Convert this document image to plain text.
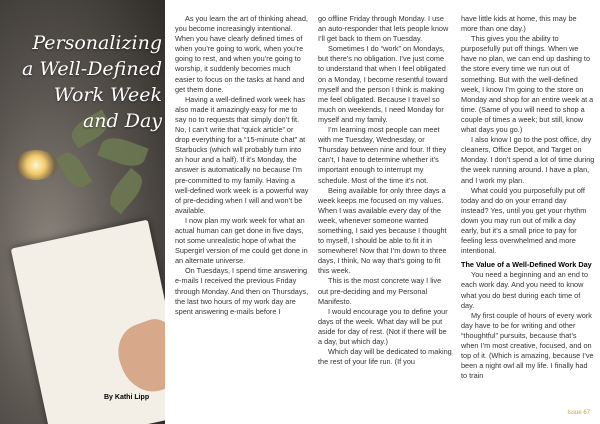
Personalizing
a Well-Defined
Work Week
and Day
By Kathi Lipp

As you learn the art of thinking ahead, you become increasingly intentional. When you have clearly defined times of when you’re going to work, when you’re going to rest, and when you’re going to worship, it suddenly becomes much easier to focus on the tasks at hand and get them done.

Having a well-defined work week has also made it amazingly easy for me to say no to requests that simply don’t fit. No, I can’t write that “quick article” or drop everything for a “15-minute chat” at Starbucks (which will probably turn into an hour and a half). If it’s Monday, the answer is automatically no because I’m pre-committed to my family. Having a well-defined work week is a powerful way of pre-deciding when I will and won’t be available.

I now plan my work week for what an actual human can get done in five days, not some unrealistic hope of what the Supergirl version of me could get done in an alternate universe.

On Tuesdays, I spend time answering e-mails I received the previous Friday through Monday. And then on Thursdays, the last two hours of my work day are spent answering e-mails before I

go offline Friday through Monday. I use an auto-responder that lets people know I’ll get back to them on Tuesday.

Sometimes I do “work” on Mondays, but there’s no obligation. I’ve just come to understand that when I feel obligated on a Monday, I become resentful toward myself and the person I think is making me feel obligated. Because I travel so much on weekends, I need Monday for myself and my family.

I’m learning most people can meet with me Tuesday, Wednesday, or Thursday between nine and four. If they can’t, I have to determine whether it’s important enough to interrupt my schedule. Most of the time it’s not.

Being available for only three days a week keeps me focused on my values. When I was available every day of the week, whenever someone wanted something, I said yes because I thought to myself, I should be able to fit it in somewhere! Now that I’m down to three days, I think, No way that’s going to fit this week.

This is the most concrete way I live out pre-deciding and my Personal Manifesto.

I would encourage you to define your days of the week. What day will be put aside for day of rest. (Not if there will be a day, but which day.)

Which day will be dedicated to making the rest of your life run. (If you

have little kids at home, this may be more than one day.)

This gives you the ability to purposefully put off things. When we have no plan, we can end up dashing to the store every time we run out of something. But with the well-defined week, I know I’m going to the store on Monday and shop for an entire week at a time. (Same of you will need to shop a couple of times a week; but still, know what days you go.)

I also know I go to the post office, dry cleaners, Office Depot, and Target on Monday. I don’t spend a lot of time during the week running around. I have a plan, and I work my plan.

What could you purposefully put off today and do on your errand day instead? Yes, until you get your rhythm down you may run out of milk a day early, but it’s a small price to pay for feeling less overwhelmed and more intentional.

The Value of a Well-Defined Work Day

You need a beginning and an end to each work day. And you need to know what you do best during each time of day.

My first couple of hours of every work day have to be for writing and other “thoughtful” pursuits, because that’s when I’m most creative, focused, and on top of it. (Which is amazing, because I’ve been a night owl all my life. I finally had to train

Issue 67
